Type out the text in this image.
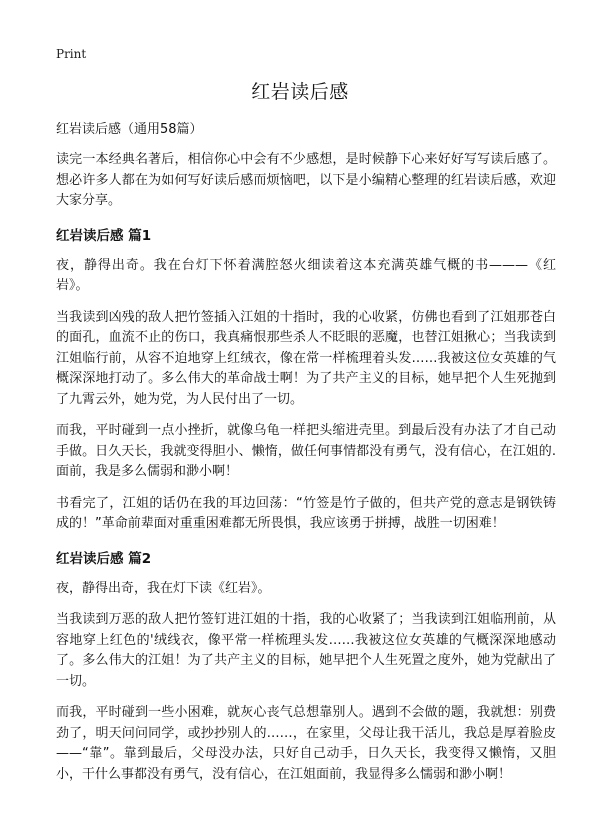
Print
红岩读后感
红岩读后感（通用58篇）

读完一本经典名著后，相信你心中会有不少感想，是时候静下心来好好写写读后感了。想必许多人都在为如何写好读后感而烦恼吧，以下是小编精心整理的红岩读后感，欢迎大家分享。

红岩读后感 篇1

夜，静得出奇。我在台灯下怀着满腔怒火细读着这本充满英雄气概的书———《红岩》。

当我读到凶残的敌人把竹签插入江姐的十指时，我的心收紧，仿佛也看到了江姐那苍白的面孔，血流不止的伤口，我真痛恨那些杀人不眨眼的恶魔，也替江姐揪心；当我读到江姐临行前，从容不迫地穿上红绒衣，像在常一样梳理着头发……我被这位女英雄的气概深深地打动了。多么伟大的革命战士啊！为了共产主义的目标，她早把个人生死抛到了九霄云外，她为党，为人民付出了一切。

而我，平时碰到一点小挫折，就像乌龟一样把头缩进壳里。到最后没有办法了才自己动手做。日久天长，我就变得胆小、懒惰，做任何事情都没有勇气，没有信心，在江姐的.面前，我是多么儒弱和渺小啊！

书看完了，江姐的话仍在我的耳边回荡：“竹签是竹子做的，但共产党的意志是钢铁铸成的！”革命前辈面对重重困难都无所畏惧，我应该勇于拼搏，战胜一切困难！

红岩读后感 篇2

夜，静得出奇，我在灯下读《红岩》。

当我读到万恶的敌人把竹签钉进江姐的十指，我的心收紧了；当我读到江姐临刑前，从容地穿上红色的'绒线衣，像平常一样梳理头发……我被这位女英雄的气概深深地感动了。多么伟大的江姐！为了共产主义的目标，她早把个人生死置之度外，她为党献出了一切。

而我，平时碰到一些小困难，就灰心丧气总想靠别人。遇到不会做的题，我就想：别费劲了，明天问问同学，或抄抄别人的……，在家里，父母让我干活儿，我总是厚着脸皮——“靠”。靠到最后，父母没办法，只好自己动手，日久天长，我变得又懒惰，又胆小，干什么事都没有勇气，没有信心，在江姐面前，我显得多么懦弱和渺小啊！
